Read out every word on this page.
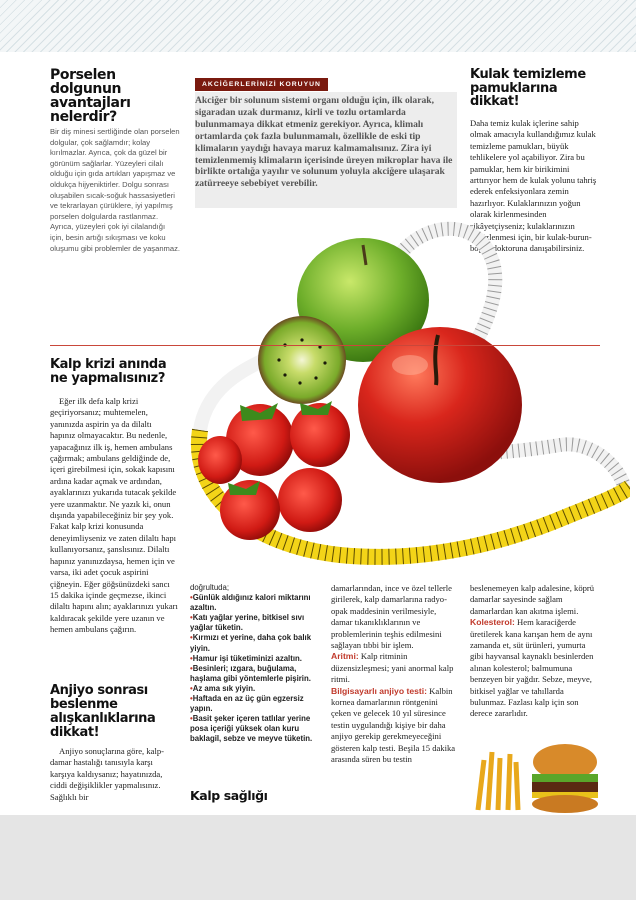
Porselen dolgunun avantajları nelerdir?

Bir diş minesi sertliğinde olan porselen dolgular, çok sağlamdır; kolay kırılmazlar. Ayrıca, çok da güzel bir görünüm sağlarlar. Yüzeyleri cilalı olduğu için gıda artıkları yapışmaz ve oldukça hijyeniktirler. Dolgu sonrası oluşabilen sıcak-soğuk hassasiyetleri ve tekrarlayan çürüklere, iyi yapılmış porselen dolgularda rastlanmaz. Ayrıca, yüzeyleri çok iyi cilalandığı için, besin artığı sıkışması ve koku oluşumu gibi problemler de yaşanmaz.

AKCİĞERLERİNİZİ KORUYUN
Akciğer bir solunum sistemi organı olduğu için, ilk olarak, sigaradan uzak durmanız, kirli ve tozlu ortamlarda bulunmamaya dikkat etmeniz gerekiyor. Ayrıca, klimalı ortamlarda çok fazla bulunmamalı, özellikle de eski tip klimaların yaydığı havaya maruz kalmamalısınız. Zira iyi temizlenmemiş klimaların içerisinde üreyen mikroplar hava ile birlikte ortalığa yayılır ve solunum yoluyla akciğere ulaşarak zatürreeye sebebiyet verebilir.
Kulak temizleme pamuklarına dikkat!

Daha temiz kulak içlerine sahip olmak amacıyla kullandığımız kulak temizleme pamukları, büyük tehlikelere yol açabiliyor. Zira bu pamuklar, hem kir birikimini arttırıyor hem de kulak yolunu tahriş ederek enfeksiyonlara zemin hazırlıyor. Kulaklarınızın yoğun olarak kirlenmesinden şikâyetçiyseniz; kulaklarınızın temizlenmesi için, bir kulak-burun-boğaz doktoruna danışabilirsiniz.

Kalp krizi anında ne yapmalısınız?

Eğer ilk defa kalp krizi geçiriyorsanız; muhtemelen, yanınızda aspirin ya da dilaltı hapınız olmayacaktır. Bu nedenle, yapacağınız ilk iş, hemen ambulans çağırmak; ambulans geldiğinde de, içeri girebilmesi için, sokak kapısını ardına kadar açmak ve ardından, ayaklarınızı yukarıda tutacak şekilde yere uzanmaktır. Ne yazık ki, onun dışında yapabileceğiniz bir şey yok. Fakat kalp krizi konusunda deneyimliyseniz ve zaten dilaltı hapı kullanıyorsanız, şanslısınız. Dilaltı hapınız yanınızdaysa, hemen için ve varsa, iki adet çocuk aspirini çiğneyin. Eğer göğsünüzdeki sancı 15 dakika içinde geçmezse, ikinci dilaltı hapını alın; ayaklarınızı yukarı kaldıracak şekilde yere uzanın ve hemen ambulans çağırın.

Anjiyo sonrası beslenme alışkanlıklarına dikkat!

Anjiyo sonuçlarına göre, kalp-damar hastalığı tanısıyla karşı karşıya kaldıysanız; hayatınızda, ciddi değişiklikler yapmalısınız. Sağlıklı bir

doğrultuda;

•Günlük aldığınız kalori miktarını azaltın.

•Katı yağlar yerine, bitkisel sıvı yağlar tüketin.

•Kırmızı et yerine, daha çok balık yiyin.

•Hamur işi tüketiminizi azaltın.

•Besinleri; ızgara, buğulama, haşlama gibi yöntemlerle pişirin.

•Az ama sık yiyin.

•Haftada en az üç gün egzersiz yapın.

•Basit şeker içeren tatlılar yerine posa içeriği yüksek olan kuru baklagil, sebze ve meyve tüketin.

Kalp sağlığı

damarlarından, ince ve özel tellerle girilerek, kalp damarlarına radyo-opak maddesinin verilmesiyle, damar tıkanıklıklarının ve problemlerinin teşhis edilmesini sağlayan tıbbi bir işlem.

Aritmi: Kalp ritminin düzensizleşmesi; yani anormal kalp ritmi.

Bilgisayarlı anjiyo testi: Kalbin kornea damarlarının röntgenini çeken ve gelecek 10 yıl süresince testin uygulandığı kişiye bir daha anjiyo gerekip gerekmeyeceğini gösteren kalp testi. Beşila 15 dakika arasında süren bu testin

beslenemeyen kalp adalesine, köprü damarlar sayesinde sağlam damarlardan kan akıtma işlemi.

Kolesterol: Hem karaciğerde üretilerek kana karışan hem de aynı zamanda et, süt ürünleri, yumurta gibi hayvansal kaynaklı besinlerden alınan kolesterol; balmumuna benzeyen bir yağdır. Sebze, meyve, bitkisel yağlar ve tahıllarda bulunmaz. Fazlası kalp için son derece zararlıdır.
